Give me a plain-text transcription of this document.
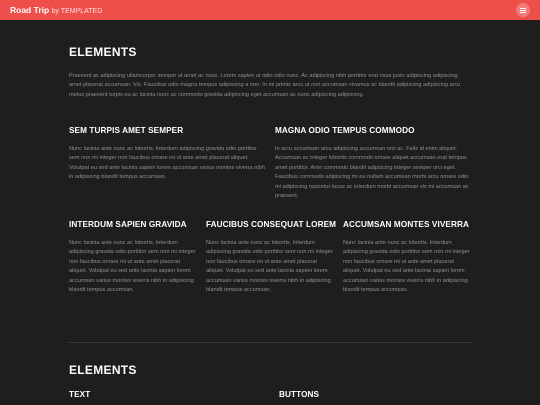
Road Trip by TEMPLATED
ELEMENTS

Praesent ac adipiscing ullamcorper semper ut amet ac risus. Lorem sapien ut odio odio nunc. Ac adipiscing nibh porttitor erat risus justo adipiscing adipiscing amet placerat accumsan. Vis. Faucibus odio magna tempus adipiscing a non. In mi primis arcu ut non accumsan vivamus ac blandit adipiscing adipiscing arcu metus praesent turpis eu ac lacinia nunc ac commodo gravida adipiscing eget accumsan ac nunc adipiscing adipiscing.

SEM TURPIS AMET SEMPER

Nunc lacinia ante nunc ac lobortis. Interdum adipiscing gravida odio porttitor sem non mi integer non faucibus ornare mi ut ante amet placerat aliquet. Volutpat eu sed ante lacinia sapien lorem accumsan varius montes viverra nibh in adipiscing blandit tempus accumsan.

MAGNA ODIO TEMPUS COMMODO

In arcu accumsan arcu adipiscing accumsan orci ac. Felis id enim aliquet. Accumsan ac integer lobortis commodo ornare aliquet accumsan erat tempus amet porttitor. Ante commodo blandit adipiscing integer semper orci eget. Faucibus commodo adipiscing mi eu nullam accumsan morbi arcu ornare odio mi adipiscing nascetur lacus ac interdum morbi accumsan vis mi accumsan ac praesent.

INTERDUM SAPIEN GRAVIDA

Nunc lacinia ante nunc ac lobortis. Interdum adipiscing gravida odio porttitor sem non mi integer non faucibus ornare mi ut ante amet placerat aliquet. Volutpat eu sed ante lacinia sapien lorem accumsan varius montes viverra nibh in adipiscing blandit tempus accumsan.

FAUCIBUS CONSEQUAT LOREM

Nunc lacinia ante nunc ac lobortis. Interdum adipiscing gravida odio porttitor sem non mi integer non faucibus ornare mi ut ante amet placerat aliquet. Volutpat eu sed ante lacinia sapien lorem accumsan varius montes viverra nibh in adipiscing blandit tempus accumsan.

ACCUMSAN MONTES VIVERRA

Nunc lacinia ante nunc ac lobortis. Interdum adipiscing gravida odio porttitor sem non mi integer non faucibus ornare mi ut ante amet placerat aliquet. Volutpat eu sed ante lacinia sapien lorem accumsan varius montes viverra nibh in adipiscing blandit tempus accumsan.

ELEMENTS
TEXT	BUTTONS
